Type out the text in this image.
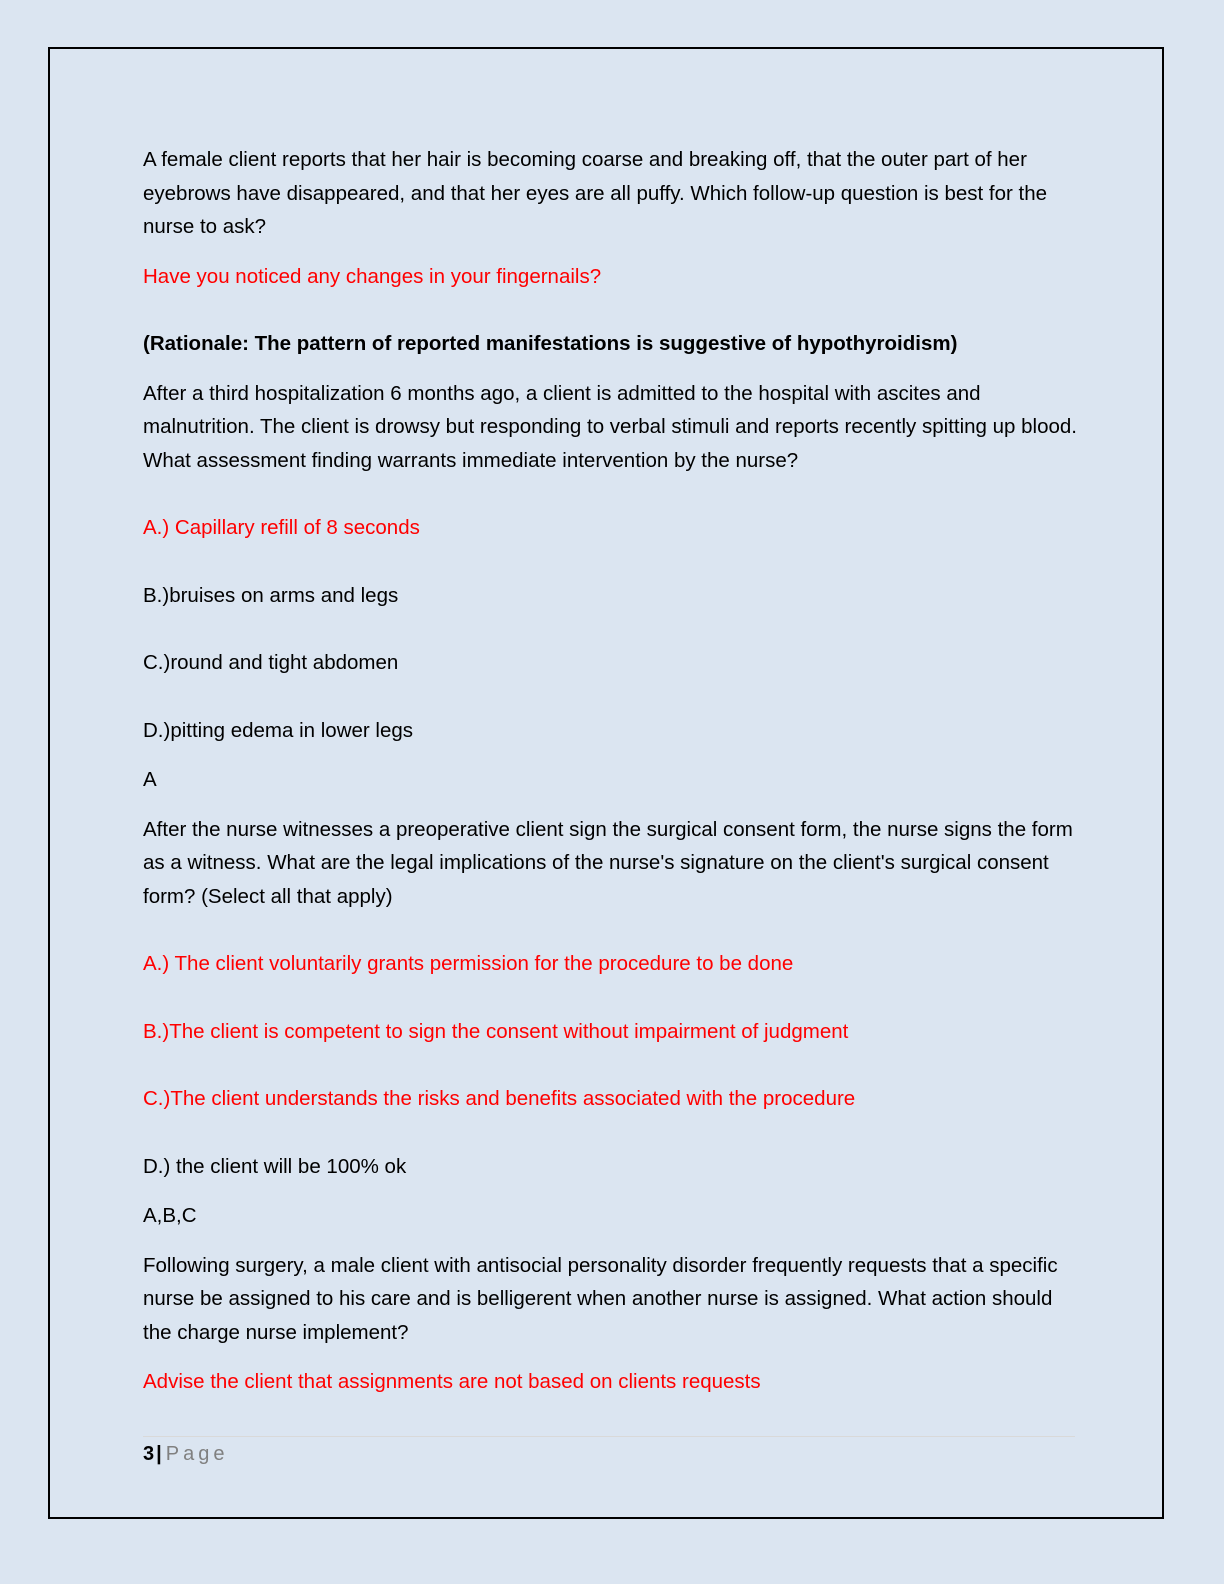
A female client reports that her hair is becoming coarse and breaking off, that the outer part of her eyebrows have disappeared, and that her eyes are all puffy. Which follow-up question is best for the nurse to ask?

Have you noticed any changes in your fingernails?

(Rationale: The pattern of reported manifestations is suggestive of hypothyroidism)

After a third hospitalization 6 months ago, a client is admitted to the hospital with ascites and malnutrition. The client is drowsy but responding to verbal stimuli and reports recently spitting up blood. What assessment finding warrants immediate intervention by the nurse?

A.) Capillary refill of 8 seconds

B.)bruises on arms and legs

C.)round and tight abdomen

D.)pitting edema in lower legs

A

After the nurse witnesses a preoperative client sign the surgical consent form, the nurse signs the form as a witness. What are the legal implications of the nurse's signature on the client's surgical consent form? (Select all that apply)

A.) The client voluntarily grants permission for the procedure to be done

B.)The client is competent to sign the consent without impairment of judgment

C.)The client understands the risks and benefits associated with the procedure

D.) the client will be 100% ok

A,B,C

Following surgery, a male client with antisocial personality disorder frequently requests that a specific nurse be assigned to his care and is belligerent when another nurse is assigned. What action should the charge nurse implement?

Advise the client that assignments are not based on clients requests

3 | Page
